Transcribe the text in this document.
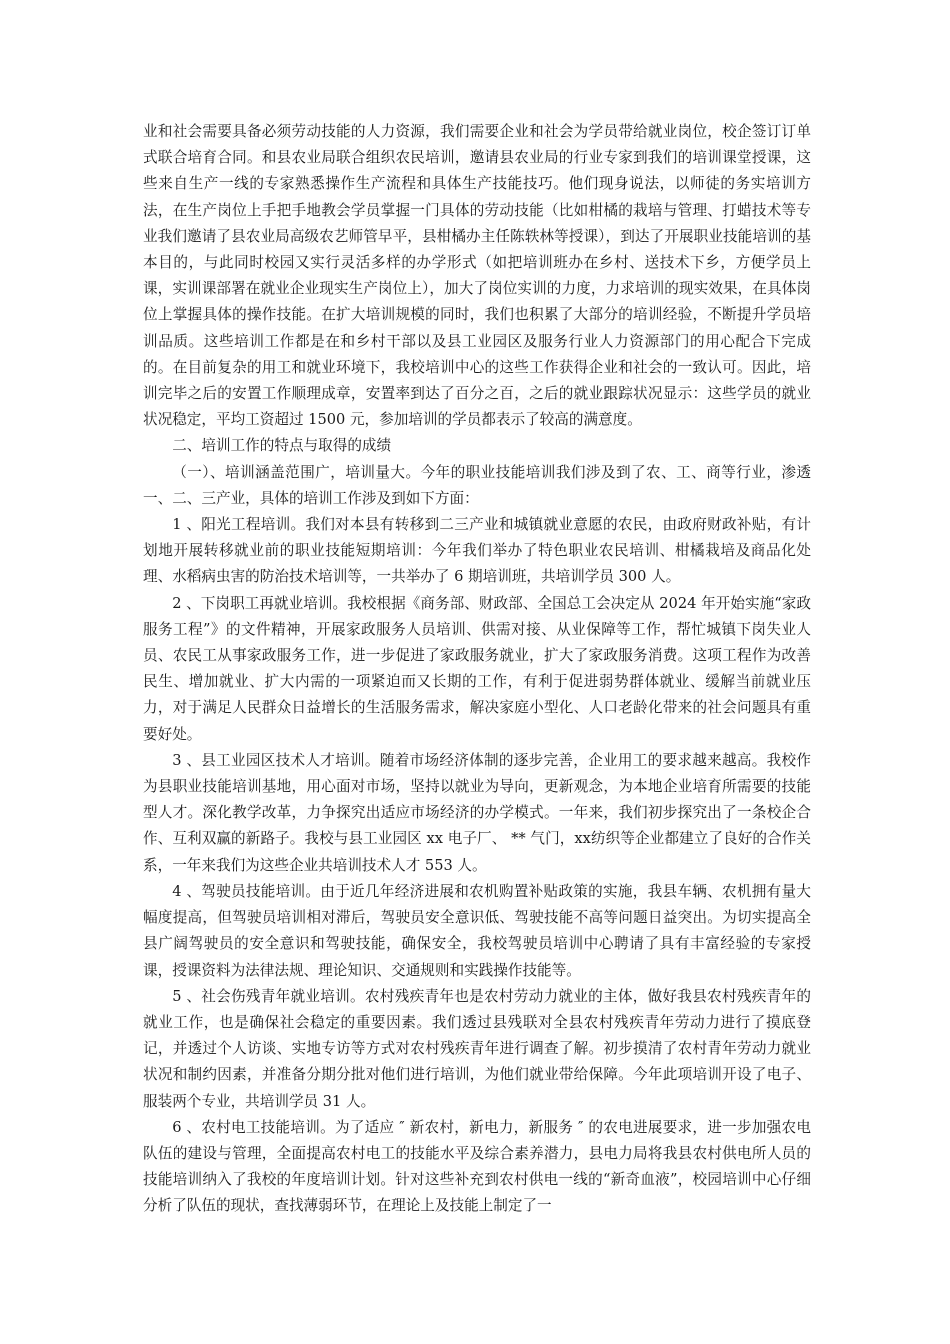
业和社会需要具备必须劳动技能的人力资源，我们需要企业和社会为学员带给就业岗位，校企签订订单式联合培育合同。和县农业局联合组织农民培训，邀请县农业局的行业专家到我们的培训课堂授课，这些来自生产一线的专家熟悉操作生产流程和具体生产技能技巧。他们现身说法，以师徒的务实培训方法，在生产岗位上手把手地教会学员掌握一门具体的劳动技能（比如柑橘的栽培与管理、打蜡技术等专业我们邀请了县农业局高级农艺师管早平，县柑橘办主任陈轶林等授课），到达了开展职业技能培训的基本目的，与此同时校园又实行灵活多样的办学形式（如把培训班办在乡村、送技术下乡，方便学员上课，实训课部署在就业企业现实生产岗位上），加大了岗位实训的力度，力求培训的现实效果，在具体岗位上掌握具体的操作技能。在扩大培训规模的同时，我们也积累了大部分的培训经验，不断提升学员培训品质。这些培训工作都是在和乡村干部以及县工业园区及服务行业人力资源部门的用心配合下完成的。在目前复杂的用工和就业环境下，我校培训中心的这些工作获得企业和社会的一致认可。因此，培训完毕之后的安置工作顺理成章，安置率到达了百分之百，之后的就业跟踪状况显示：这些学员的就业状况稳定，平均工资超过 1500 元，参加培训的学员都表示了较高的满意度。

二、培训工作的特点与取得的成绩

（一）、培训涵盖范围广，培训量大。今年的职业技能培训我们涉及到了农、工、商等行业，渗透一、二、三产业，具体的培训工作涉及到如下方面：

1 、阳光工程培训。我们对本县有转移到二三产业和城镇就业意愿的农民，由政府财政补贴，有计划地开展转移就业前的职业技能短期培训：今年我们举办了特色职业农民培训、柑橘栽培及商品化处理、水稻病虫害的防治技术培训等，一共举办了 6 期培训班，共培训学员 300 人。

2 、下岗职工再就业培训。我校根据《商务部、财政部、全国总工会决定从 2024 年开始实施“家政服务工程”》的文件精神，开展家政服务人员培训、供需对接、从业保障等工作，帮忙城镇下岗失业人员、农民工从事家政服务工作，进一步促进了家政服务就业，扩大了家政服务消费。这项工程作为改善民生、增加就业、扩大内需的一项紧迫而又长期的工作，有利于促进弱势群体就业、缓解当前就业压力，对于满足人民群众日益增长的生活服务需求，解决家庭小型化、人口老龄化带来的社会问题具有重要好处。

3 、县工业园区技术人才培训。随着市场经济体制的逐步完善，企业用工的要求越来越高。我校作为县职业技能培训基地，用心面对市场，坚持以就业为导向，更新观念，为本地企业培育所需要的技能型人才。深化教学改革，力争探究出适应市场经济的办学模式。一年来，我们初步探究出了一条校企合作、互利双赢的新路子。我校与县工业园区 xx 电子厂、 ** 气门，xx纺织等企业都建立了良好的合作关系，一年来我们为这些企业共培训技术人才 553 人。

4 、驾驶员技能培训。由于近几年经济进展和农机购置补贴政策的实施，我县车辆、农机拥有量大幅度提高，但驾驶员培训相对滞后，驾驶员安全意识低、驾驶技能不高等问题日益突出。为切实提高全县广阔驾驶员的安全意识和驾驶技能，确保安全，我校驾驶员培训中心聘请了具有丰富经验的专家授课，授课资料为法律法规、理论知识、交通规则和实践操作技能等。

5 、社会伤残青年就业培训。农村残疾青年也是农村劳动力就业的主体，做好我县农村残疾青年的就业工作，也是确保社会稳定的重要因素。我们透过县残联对全县农村残疾青年劳动力进行了摸底登记，并透过个人访谈、实地专访等方式对农村残疾青年进行调查了解。初步摸清了农村青年劳动力就业状况和制约因素，并准备分期分批对他们进行培训，为他们就业带给保障。今年此项培训开设了电子、服装两个专业，共培训学员 31 人。

6 、农村电工技能培训。为了适应 ″ 新农村，新电力，新服务 ″ 的农电进展要求，进一步加强农电队伍的建设与管理，全面提高农村电工的技能水平及综合素养潜力，县电力局将我县农村供电所人员的技能培训纳入了我校的年度培训计划。针对这些补充到农村供电一线的“新奇血液”，校园培训中心仔细分析了队伍的现状，查找薄弱环节，在理论上及技能上制定了一
